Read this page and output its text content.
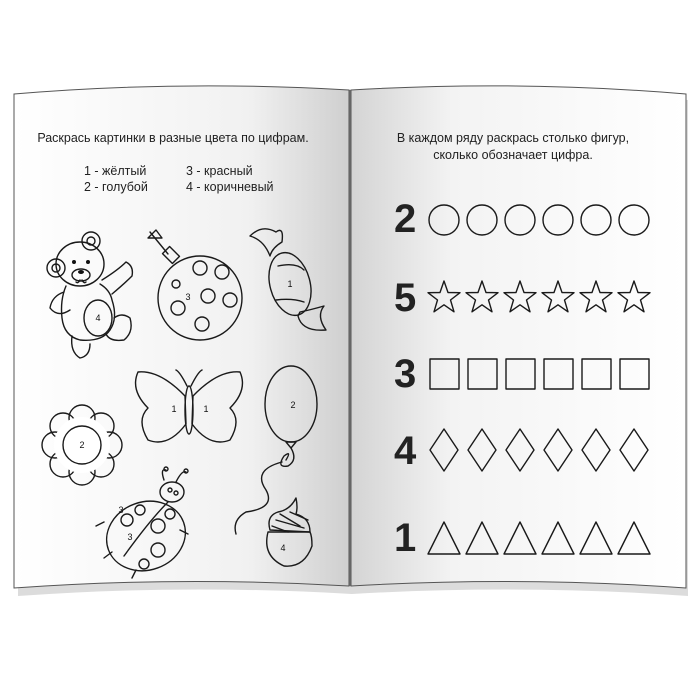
Раскрась картинки в разные цвета по цифрам.
1 - жёлтый	3 - красный
2 - голубой	4 - коричневый
4
3
1
1	1	2
2
3
3
4
В каждом ряду раскрась столько фигур,
сколько обозначает цифра.
2
5
3
4
1
